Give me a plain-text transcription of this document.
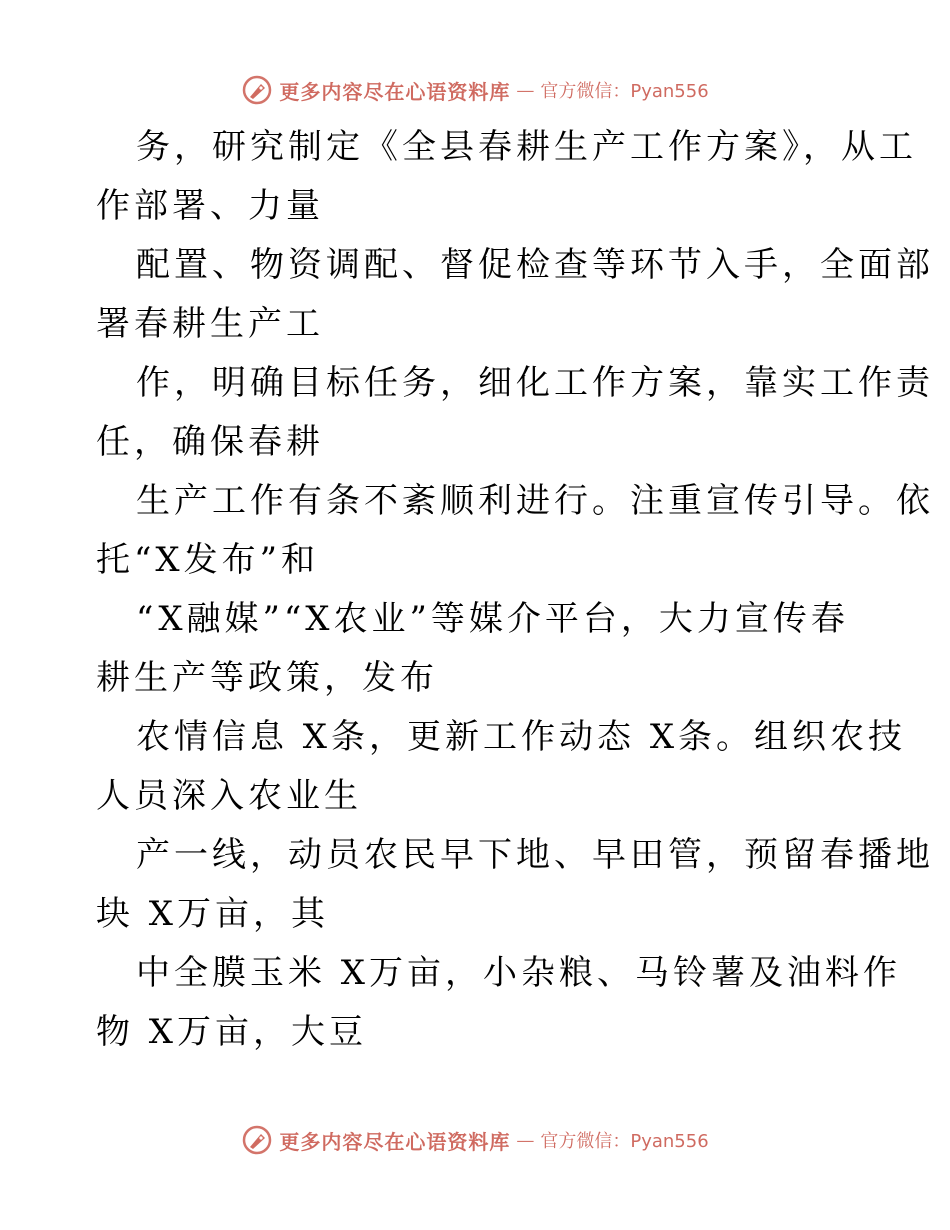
更多内容尽在心语资料库 — 官方微信：Pyan556

务，研究制定《全县春耕生产工作方案》，从工

作部署、力量

配置、物资调配、督促检查等环节入手，全面部

署春耕生产工

作，明确目标任务，细化工作方案，靠实工作责

任，确保春耕

生产工作有条不紊顺利进行。注重宣传引导。依

托“X发布”和

“X融媒”“X农业”等媒介平台，大力宣传春

耕生产等政策，发布

农情信息 X条，更新工作动态 X条。组织农技

人员深入农业生

产一线，动员农民早下地、早田管，预留春播地

块 X万亩，其

中全膜玉米 X万亩，小杂粮、马铃薯及油料作

物 X万亩，大豆

更多内容尽在心语资料库 — 官方微信：Pyan556
